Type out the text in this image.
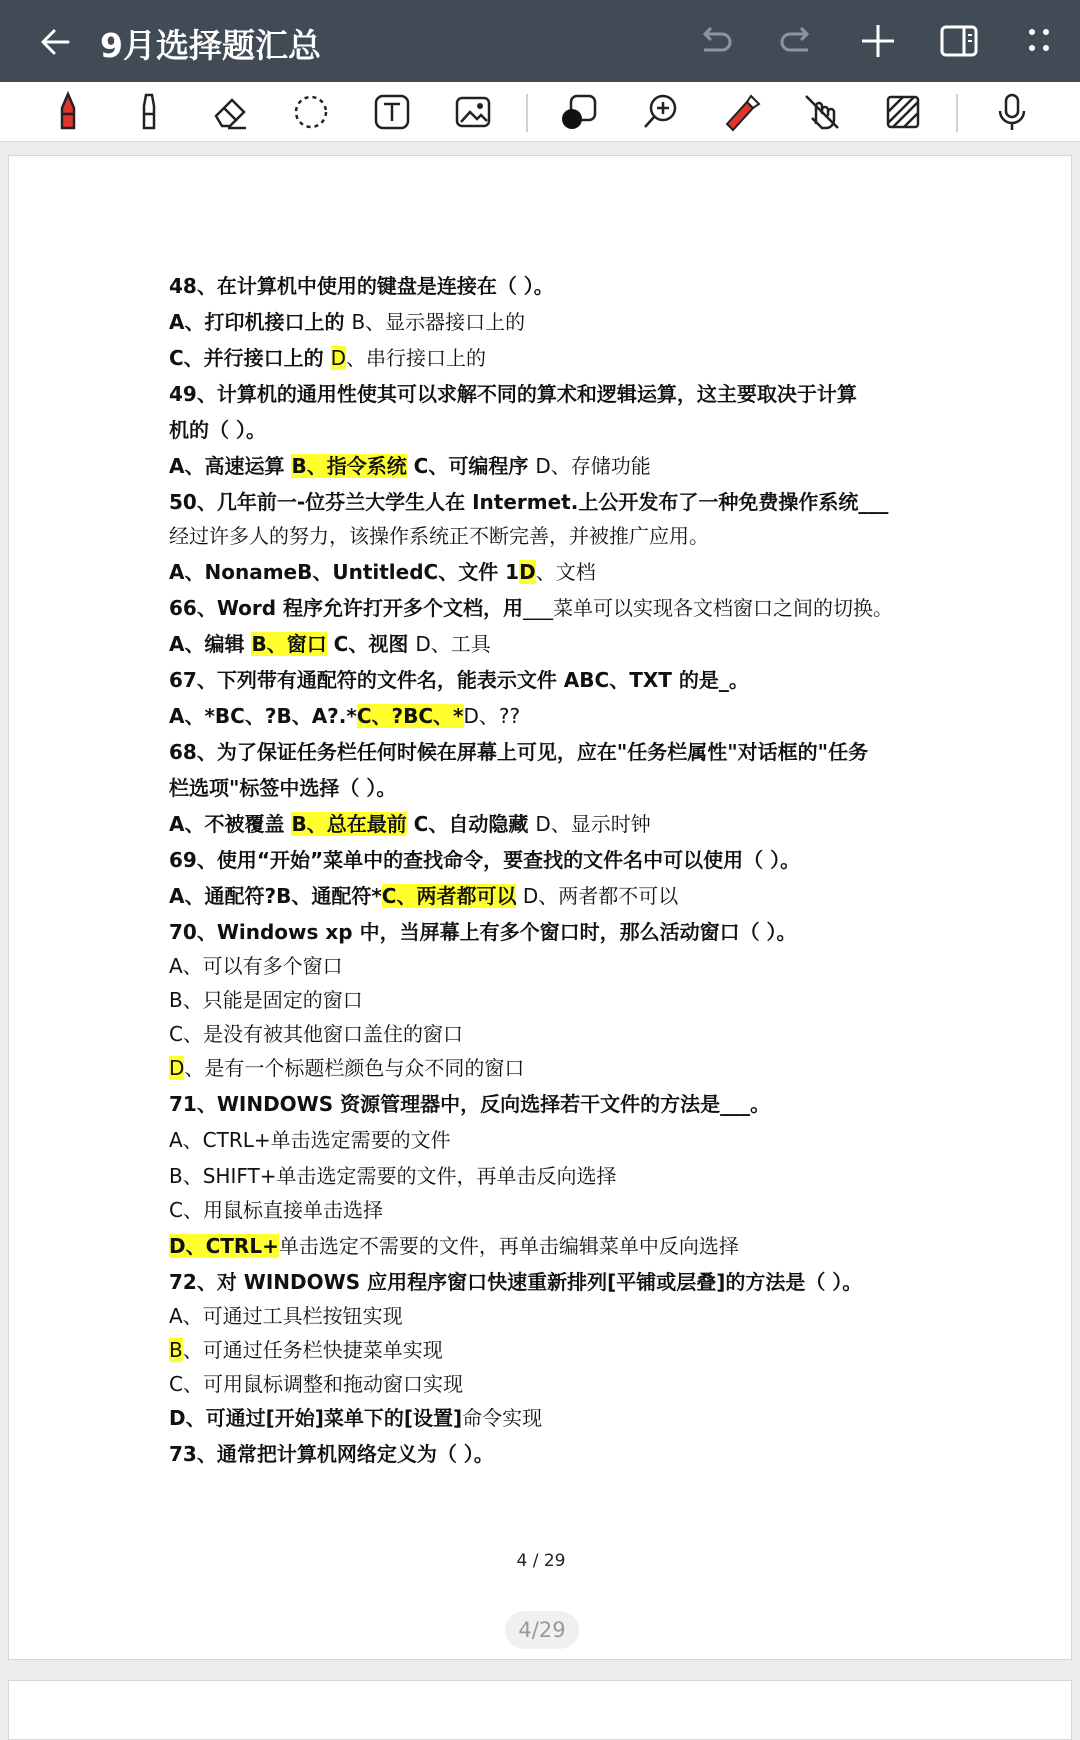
9月选择题汇总
48、在计算机中使用的键盘是连接在（ ）。
A、打印机接口上的 B、显示器接口上的
C、并行接口上的 D、串行接口上的
49、计算机的通用性使其可以求解不同的算术和逻辑运算，这主要取决于计算
机的（ ）。
A、高速运算 B、指令系统 C、可编程序 D、存储功能
50、几年前一-位芬兰大学生人在 Intermet.上公开发布了一种免费操作系统___
经过许多人的努力，该操作系统正不断完善，并被推广应用。
A、NonameB、UntitledC、文件 1D、文档
66、Word 程序允许打开多个文档，用___菜单可以实现各文档窗口之间的切换。
A、编辑 B、窗口 C、视图 D、工具
67、下列带有通配符的文件名，能表示文件 ABC、TXT 的是_。
A、*BC、?B、A?.*C、?BC、*D、??
68、为了保证任务栏任何时候在屏幕上可见，应在"任务栏属性"对话框的"任务
栏选项"标签中选择（ ）。
A、不被覆盖 B、总在最前 C、自动隐藏 D、显示时钟
69、使用“开始”菜单中的查找命令，要查找的文件名中可以使用（ ）。
A、通配符?B、通配符*C、两者都可以 D、两者都不可以
70、Windows xp 中，当屏幕上有多个窗口时，那么活动窗口（ ）。
A、可以有多个窗口
B、只能是固定的窗口
C、是没有被其他窗口盖住的窗口
D、是有一个标题栏颜色与众不同的窗口
71、WINDOWS 资源管理器中，反向选择若干文件的方法是___。
A、CTRL+单击选定需要的文件
B、SHIFT+单击选定需要的文件，再单击反向选择
C、用鼠标直接单击选择
D、CTRL+单击选定不需要的文件，再单击编辑菜单中反向选择
72、对 WINDOWS 应用程序窗口快速重新排列[平铺或层叠]的方法是（ ）。
A、可通过工具栏按钮实现
B、可通过任务栏快捷菜单实现
C、可用鼠标调整和拖动窗口实现
D、可通过[开始]菜单下的[设置]命令实现
73、通常把计算机网络定义为（ ）。
4 / 29
4/29
